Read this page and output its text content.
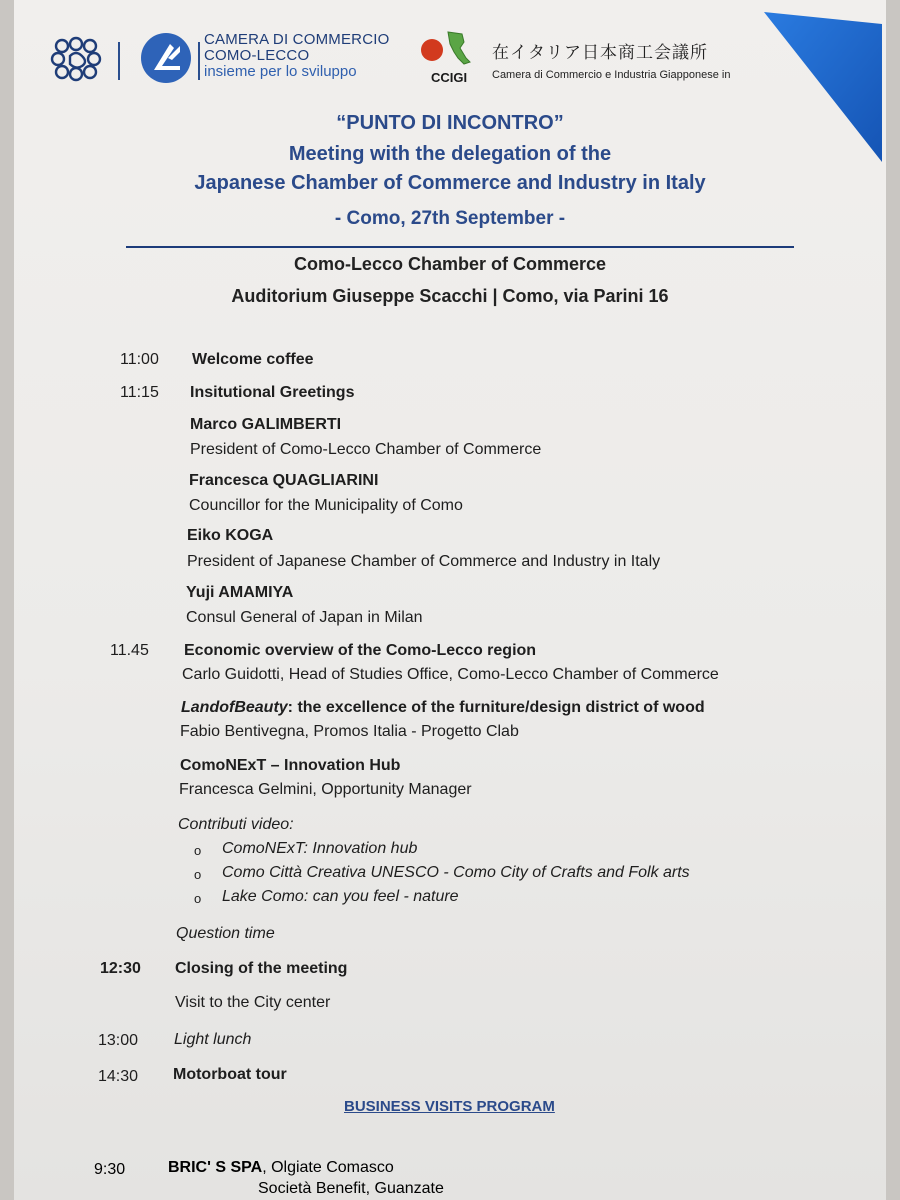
CAMERA DI COMMERCIO
COMO-LECCO
insieme per lo sviluppo	CCIGI
在イタリア日本商工会議所
Camera di Commercio e Industria Giapponese in
“PUNTO DI INCONTRO”
Meeting with the delegation of the
Japanese Chamber of Commerce and Industry in Italy
- Como, 27th September -
Como-Lecco Chamber of Commerce
Auditorium Giuseppe Scacchi | Como, via Parini 16
11:00 Welcome coffee
11:15 Insitutional Greetings
Marco GALIMBERTI
President of Como-Lecco Chamber of Commerce
Francesca QUAGLIARINI
Councillor for the Municipality of Como
Eiko KOGA
President of Japanese Chamber of Commerce and Industry in Italy
Yuji AMAMIYA
Consul General of Japan in Milan
11.45 Economic overview of the Como-Lecco region
Carlo Guidotti, Head of Studies Office, Como-Lecco Chamber of Commerce
LandofBeauty: the excellence of the furniture/design district of wood
Fabio Bentivegna, Promos Italia - Progetto Clab
ComoNExT – Innovation Hub
Francesca Gelmini, Opportunity Manager
Contributi video:
o ComoNExT: Innovation hub
o Como Città Creativa UNESCO - Como City of Crafts and Folk arts
o Lake Como: can you feel - nature
Question time
12:30 Closing of the meeting
Visit to the City center
13:00 Light lunch
14:30 Motorboat tour
BUSINESS VISITS PROGRAM
9:30	BRIC' S SPA, Olgiate Comasco
Società Benefit, Guanzate
